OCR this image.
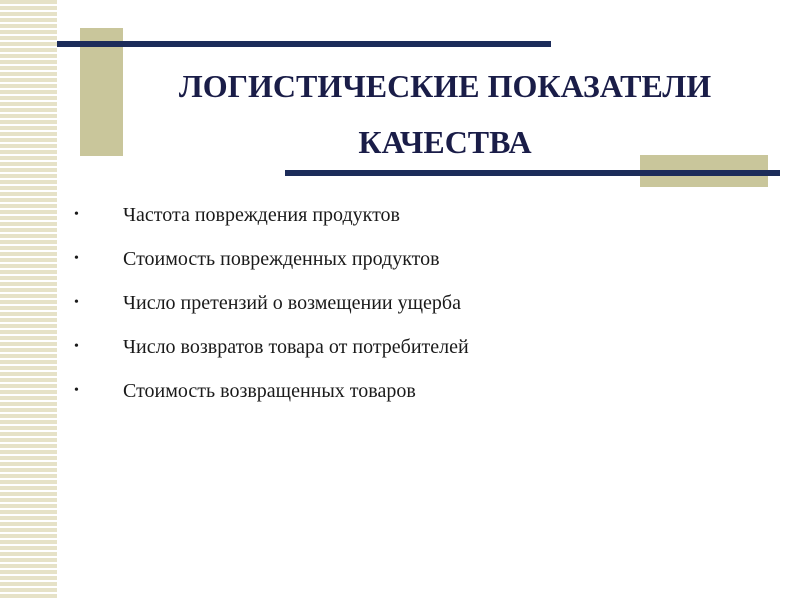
ЛОГИСТИЧЕСКИЕ ПОКАЗАТЕЛИ
КАЧЕСТВА
• Частота повреждения продуктов
• Стоимость поврежденных продуктов
• Число претензий о возмещении ущерба
• Число возвратов товара от потребителей
• Стоимость возвращенных товаров
